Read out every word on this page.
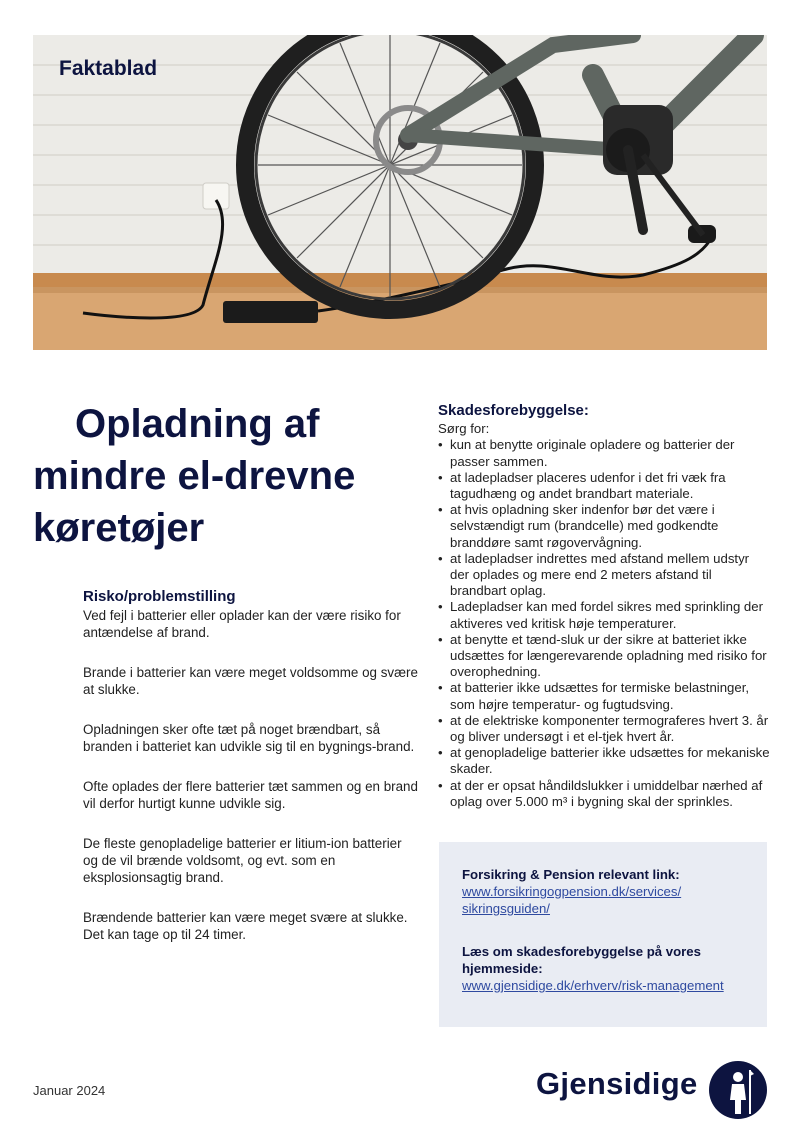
Faktablad
Opladning af
mindre el-drevne
køretøjer
Risko/problemstilling

Ved fejl i batterier eller oplader kan der være risiko for antændelse af brand.

Brande i batterier kan være meget voldsomme og svære at slukke.

Opladningen sker ofte tæt på noget brændbart, så branden i batteriet kan udvikle sig til en bygnings-brand.

Ofte oplades der flere batterier tæt sammen og en brand vil derfor hurtigt kunne udvikle sig.

De fleste genopladelige batterier er litium-ion batterier og de vil brænde voldsomt, og evt. som en eksplosionsagtig brand.

Brændende batterier kan være meget svære at slukke. Det kan tage op til 24 timer.

Skadesforebyggelse:

Sørg for:

• kun at benytte originale opladere og batterier der passer sammen.
• at ladepladser placeres udenfor i det fri væk fra tagudhæng og andet brandbart materiale.
• at hvis opladning sker indenfor bør det være i selvstændigt rum (brandcelle) med godkendte branddøre samt røgovervågning.
• at ladepladser indrettes med afstand mellem udstyr der oplades og mere end 2 meters afstand til brandbart oplag.
• Ladepladser kan med fordel sikres med sprinkling der aktiveres ved kritisk høje temperaturer.
• at benytte et tænd-sluk ur der sikre at batteriet ikke udsættes for længerevarende opladning med risiko for overophedning.
• at batterier ikke udsættes for termiske belastninger, som højre temperatur- og fugtudsving.
• at de elektriske komponenter termograferes hvert 3. år og bliver undersøgt i et el-tjek hvert år.
• at genopladelige batterier ikke udsættes for mekaniske skader.
• at der er opsat håndildslukker i umiddelbar nærhed af oplag over 5.000 m³ i bygning skal der sprinkles.
Forsikring & Pension relevant link:
www.forsikringogpension.dk/services/
sikringsguiden/
Læs om skadesforebyggelse på vores hjemmeside:
www.gjensidige.dk/erhverv/risk-management
Januar 2024	Gjensidige
